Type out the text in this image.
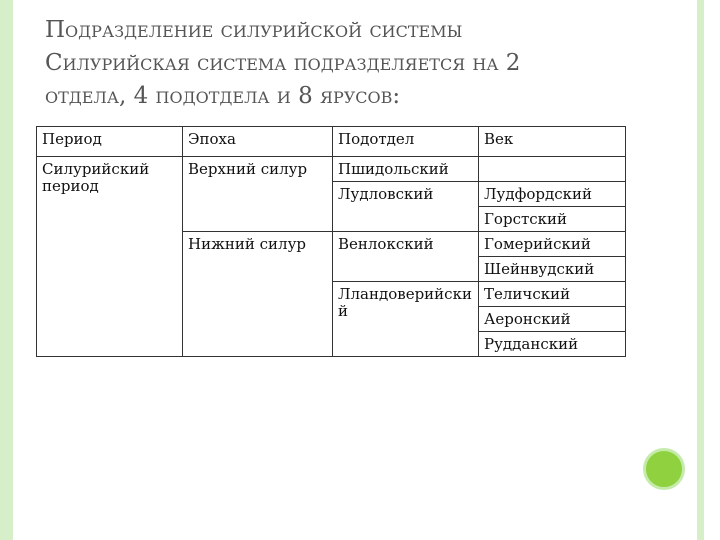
Подразделение силурийской системы
Силурийская система подразделяется на 2
отдела, 4 подотдела и 8 ярусов:
Период	Эпоха	Подотдел	Век
Силурийский период	Верхний силур	Пшидольский	
		Лудловский	Лудфордский
			Горстский
	Нижний силур	Венлокский	Гомерийский
			Шейнвудский
		Лландоверийский	Теличский
			Аеронский
			Рудданский
